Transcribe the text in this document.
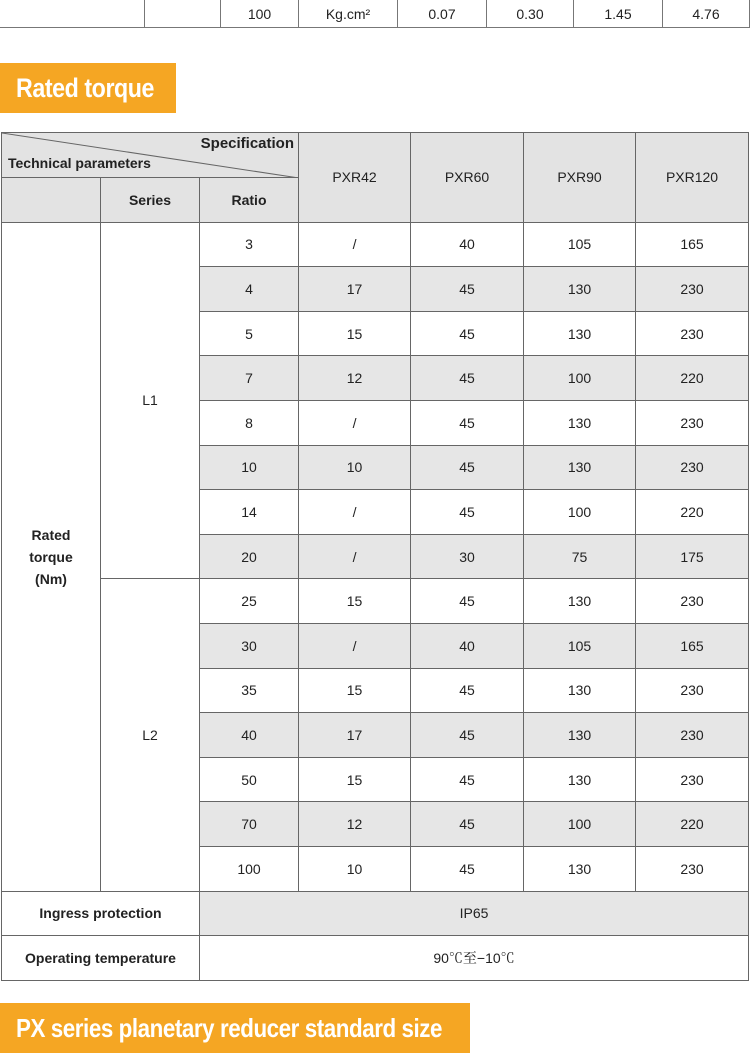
100	Kg.cm²	0.07	0.30	1.45	4.76
Rated torque
Specification
Technical parameters			PXR42	PXR60	PXR90	PXR120
	Series	Ratio				

Rated
torque
(Nm)	L1	3	/	40	105	165
		4	17	45	130	230
		5	15	45	130	230
		7	12	45	100	220
		8	/	45	130	230
		10	10	45	130	230
		14	/	45	100	220
		20	/	30	75	175
	L2	25	15	45	130	230
		30	/	40	105	165
		35	15	45	130	230
		40	17	45	130	230
		50	15	45	130	230
		70	12	45	100	220
		100	10	45	130	230
Ingress protection		IP65				
Operating temperature		90℃至−10℃				
PX series planetary reducer standard size
